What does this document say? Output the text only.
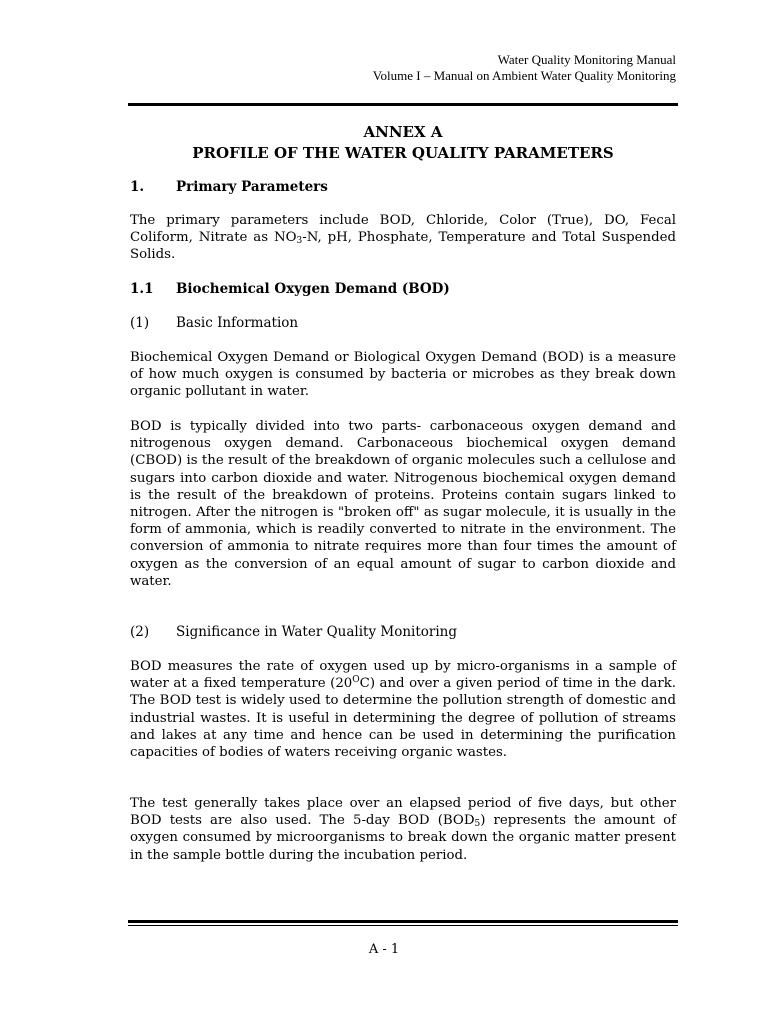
Water Quality Monitoring Manual
Volume I – Manual on Ambient Water Quality Monitoring
ANNEX A
PROFILE OF THE WATER QUALITY PARAMETERS
1. Primary Parameters
The primary parameters include BOD, Chloride, Color (True), DO, Fecal Coliform, Nitrate as $NO_3-N$, pH, Phosphate, Temperature and Total Suspended Solids.
1.1 Biochemical Oxygen Demand (BOD)
(1) Basic Information
Biochemical Oxygen Demand or Biological Oxygen Demand (BOD) is a measure of how much oxygen is consumed by bacteria or microbes as they break down organic pollutant in water.
BOD is typically divided into two parts- carbonaceous oxygen demand and nitrogenous oxygen demand. Carbonaceous biochemical oxygen demand (CBOD) is the result of the breakdown of organic molecules such a cellulose and sugars into carbon dioxide and water. Nitrogenous biochemical oxygen demand is the result of the breakdown of proteins. Proteins contain sugars linked to nitrogen. After the nitrogen is "broken off" as sugar molecule, it is usually in the form of ammonia, which is readily converted to nitrate in the environment. The conversion of ammonia to nitrate requires more than four times the amount of oxygen as the conversion of an equal amount of sugar to carbon dioxide and water.
(2) Significance in Water Quality Monitoring
BOD measures the rate of oxygen used up by micro-organisms in a sample of water at a fixed temperature $(20^OC)$ and over a given period of time in the dark. The BOD test is widely used to determine the pollution strength of domestic and industrial wastes. It is useful in determining the degree of pollution of streams and lakes at any time and hence can be used in determining the purification capacities of bodies of waters receiving organic wastes.
The test generally takes place over an elapsed period of five days, but other BOD tests are also used. The 5-day BOD $(BOD_5)$ represents the amount of oxygen consumed by microorganisms to break down the organic matter present in the sample bottle during the incubation period.
A - 1
